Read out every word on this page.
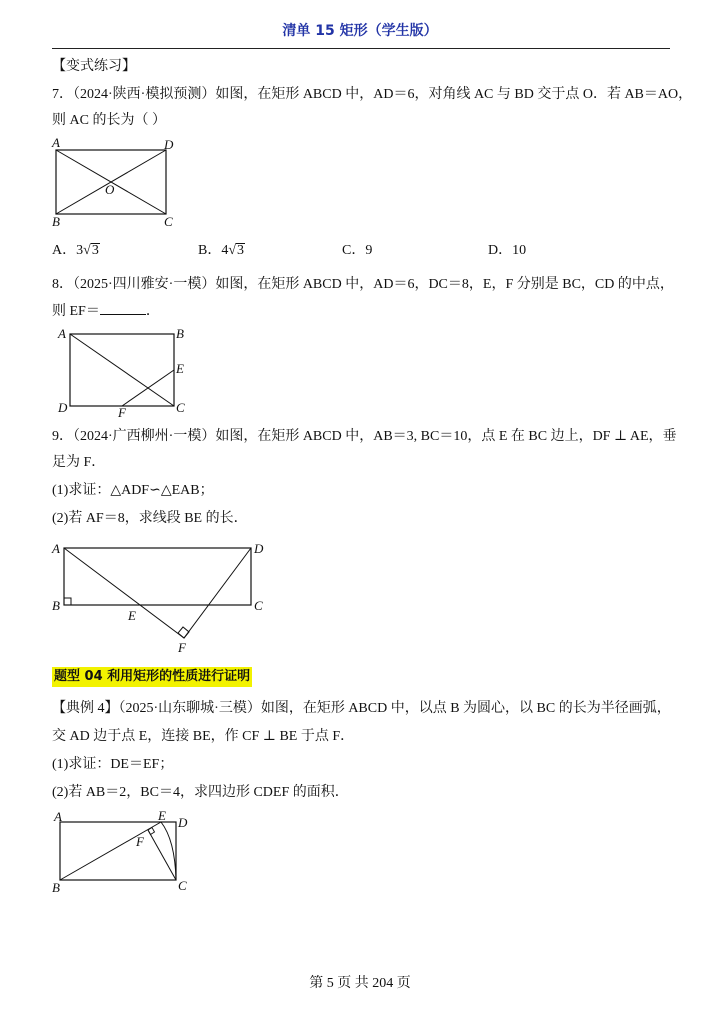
清单 15 矩形（学生版）
【变式练习】
7．（2024·陕西·模拟预测）如图，在矩形 ABCD 中，AD＝6，对角线 AC 与 BD 交于点 O．若 AB＝AO，
则 AC 的长为（ ）
A	D
B	C
O
A．3√3	B．4√3	C．9	D．10
8．（2025·四川雅安·一模）如图，在矩形 ABCD 中，AD＝6，DC＝8，E，F 分别是 BC，CD 的中点，
则 EF＝	．
A	B
E
C
D	F
9．（2024·广西柳州·一模）如图，在矩形 ABCD 中，AB＝3, BC＝10，点 E 在 BC 边上，DF ⊥ AE，垂
足为 F．
(1)求证：△ADF∽△EAB；
(2)若 AF＝8，求线段 BE 的长．
A	D
B	C
E
F
题型 04 利用矩形的性质进行证明
【典例 4】（2025·山东聊城·三模）如图，在矩形 ABCD 中，以点 B 为圆心，以 BC 的长为半径画弧，
交 AD 边于点 E，连接 BE，作 CF ⊥ BE 于点 F．
(1)求证：DE＝EF；
(2)若 AB＝2，BC＝4，求四边形 CDEF 的面积．
A	E D
F
B	C
第 5 页 共 204 页
